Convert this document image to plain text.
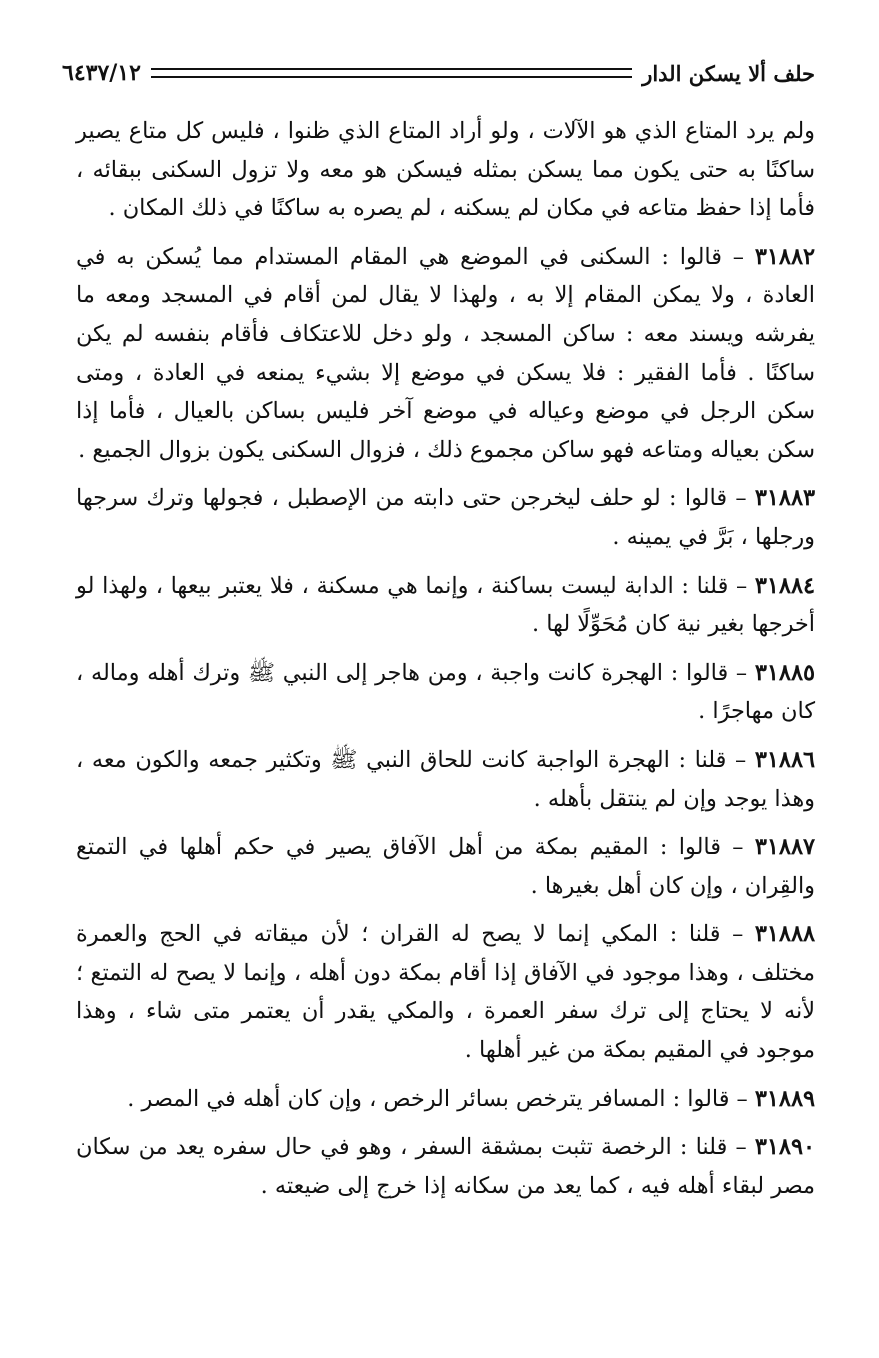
حلف ألا يسكن الدار
٦٤٣٧/١٢

ولم يرد المتاع الذي هو الآلات ، ولو أراد المتاع الذي ظنوا ، فليس كل متاع يصير ساكنًا به حتى يكون مما يسكن بمثله فيسكن هو معه ولا تزول السكنى ببقائه ، فأما إذا حفظ متاعه في مكان لم يسكنه ، لم يصره به ساكنًا في ذلك المكان .

٣١٨٨٢ – قالوا : السكنى في الموضع هي المقام المستدام مما يُسكن به في العادة ، ولا يمكن المقام إلا به ، ولهذا لا يقال لمن أقام في المسجد ومعه ما يفرشه ويسند معه : ساكن المسجد ، ولو دخل للاعتكاف فأقام بنفسه لم يكن ساكنًا . فأما الفقير : فلا يسكن في موضع إلا بشيء يمنعه في العادة ، ومتى سكن الرجل في موضع وعياله في موضع آخر فليس بساكن بالعيال ، فأما إذا سكن بعياله ومتاعه فهو ساكن مجموع ذلك ، فزوال السكنى يكون بزوال الجميع .

٣١٨٨٣ – قالوا : لو حلف ليخرجن حتى دابته من الإصطبل ، فجولها وترك سرجها ورجلها ، بَرَّ في يمينه .

٣١٨٨٤ – قلنا : الدابة ليست بساكنة ، وإنما هي مسكنة ، فلا يعتبر بيعها ، ولهذا لو أخرجها بغير نية كان مُحَوِّلًا لها .

٣١٨٨٥ – قالوا : الهجرة كانت واجبة ، ومن هاجر إلى النبي ﷺ وترك أهله وماله ، كان مهاجرًا .

٣١٨٨٦ – قلنا : الهجرة الواجبة كانت للحاق النبي ﷺ وتكثير جمعه والكون معه ، وهذا يوجد وإن لم ينتقل بأهله .

٣١٨٨٧ – قالوا : المقيم بمكة من أهل الآفاق يصير في حكم أهلها في التمتع والقِران ، وإن كان أهل بغيرها .

٣١٨٨٨ – قلنا : المكي إنما لا يصح له القران ؛ لأن ميقاته في الحج والعمرة مختلف ، وهذا موجود في الآفاق إذا أقام بمكة دون أهله ، وإنما لا يصح له التمتع ؛ لأنه لا يحتاج إلى ترك سفر العمرة ، والمكي يقدر أن يعتمر متى شاء ، وهذا موجود في المقيم بمكة من غير أهلها .

٣١٨٨٩ – قالوا : المسافر يترخص بسائر الرخص ، وإن كان أهله في المصر .

٣١٨٩٠ – قلنا : الرخصة تثبت بمشقة السفر ، وهو في حال سفره يعد من سكان مصر لبقاء أهله فيه ، كما يعد من سكانه إذا خرج إلى ضيعته .
